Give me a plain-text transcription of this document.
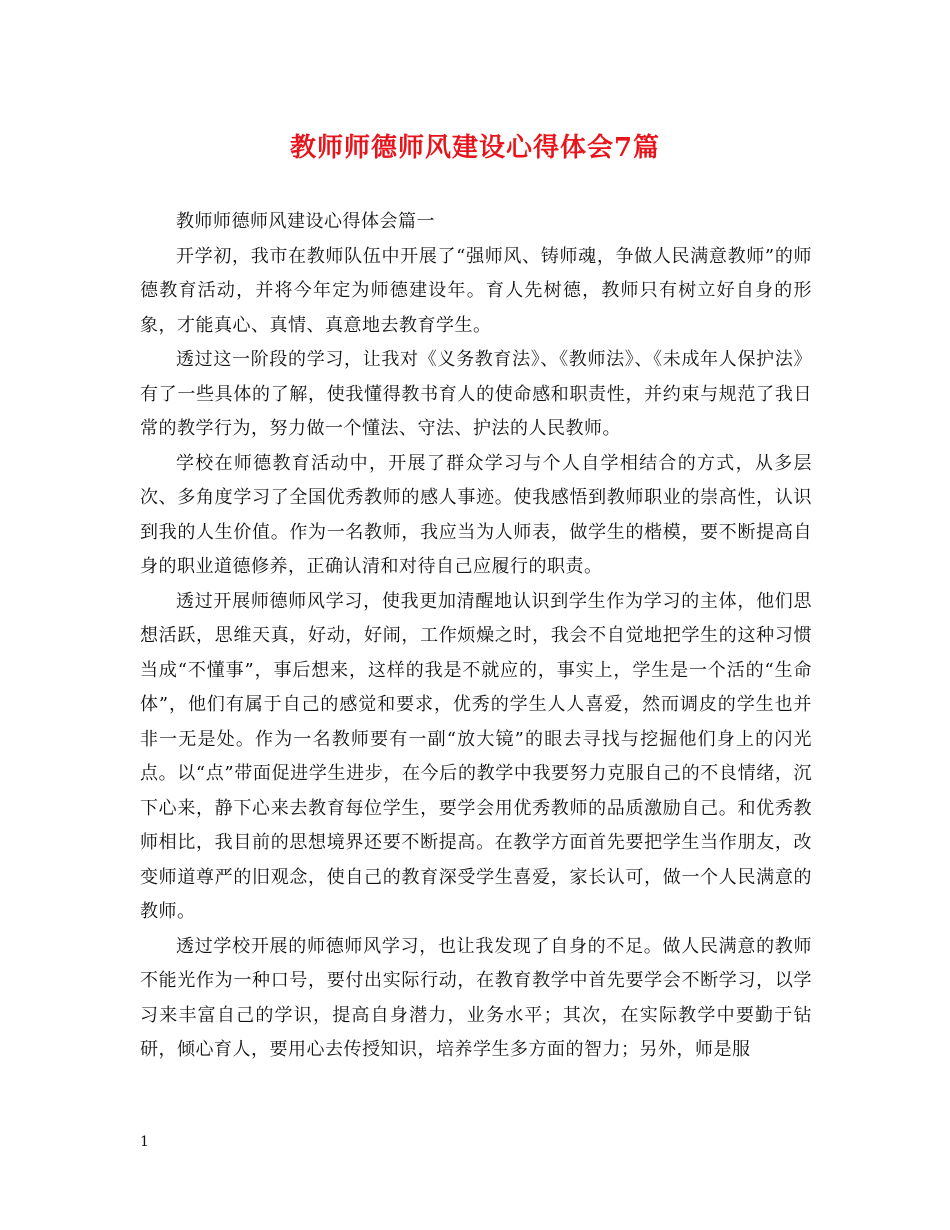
教师师德师风建设心得体会7篇

教师师德师风建设心得体会篇一

开学初，我市在教师队伍中开展了“强师风、铸师魂，争做人民满意教师”的师德教育活动，并将今年定为师德建设年。育人先树德，教师只有树立好自身的形象，才能真心、真情、真意地去教育学生。

透过这一阶段的学习，让我对《义务教育法》、《教师法》、《未成年人保护法》有了一些具体的了解，使我懂得教书育人的使命感和职责性，并约束与规范了我日常的教学行为，努力做一个懂法、守法、护法的人民教师。

学校在师德教育活动中，开展了群众学习与个人自学相结合的方式，从多层次、多角度学习了全国优秀教师的感人事迹。使我感悟到教师职业的崇高性，认识到我的人生价值。作为一名教师，我应当为人师表，做学生的楷模，要不断提高自身的职业道德修养，正确认清和对待自己应履行的职责。

透过开展师德师风学习，使我更加清醒地认识到学生作为学习的主体，他们思想活跃，思维天真，好动，好闹，工作烦燥之时，我会不自觉地把学生的这种习惯当成“不懂事”，事后想来，这样的我是不就应的，事实上，学生是一个活的“生命体”，他们有属于自己的感觉和要求，优秀的学生人人喜爱，然而调皮的学生也并非一无是处。作为一名教师要有一副“放大镜”的眼去寻找与挖掘他们身上的闪光点。以“点”带面促进学生进步，在今后的教学中我要努力克服自己的不良情绪，沉下心来，静下心来去教育每位学生，要学会用优秀教师的品质激励自己。和优秀教师相比，我目前的思想境界还要不断提高。在教学方面首先要把学生当作朋友，改变师道尊严的旧观念，使自己的教育深受学生喜爱，家长认可，做一个人民满意的教师。

透过学校开展的师德师风学习，也让我发现了自身的不足。做人民满意的教师不能光作为一种口号，要付出实际行动，在教育教学中首先要学会不断学习，以学习来丰富自己的学识，提高自身潜力，业务水平；其次，在实际教学中要勤于钻研，倾心育人，要用心去传授知识，培养学生多方面的智力；另外，师是服

1
